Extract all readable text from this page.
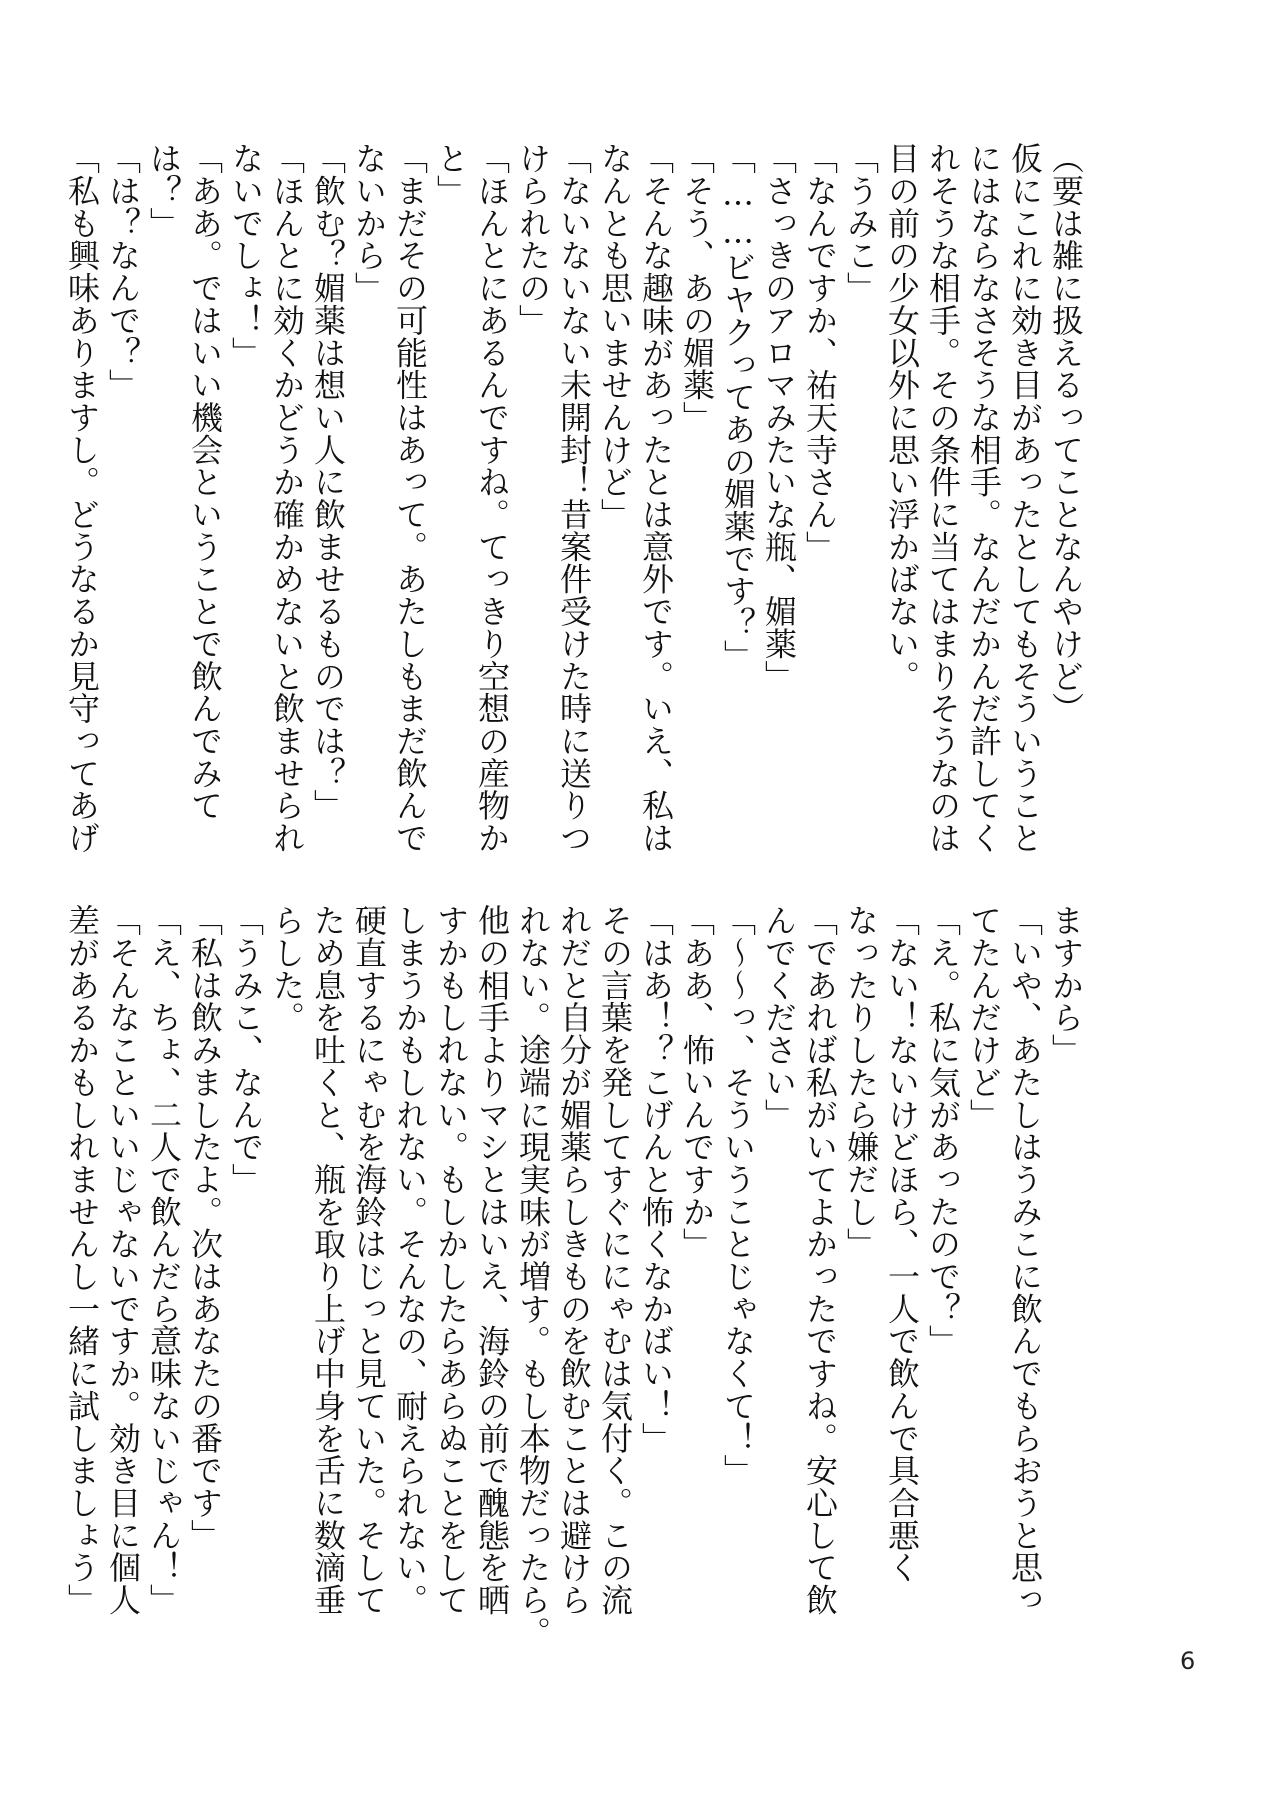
（要は雑に扱えるってことなんやけど）
仮にこれに効き目があったとしてもそういうこと
にはならなさそうな相手。なんだかんだ許してく
れそうな相手。その条件に当てはまりそうなのは
目の前の少女以外に思い浮かばない。
「うみこ」
「なんですか、祐天寺さん」
「さっきのアロマみたいな瓶、媚薬」
「……ビヤクってあの媚薬です？」
「そう、あの媚薬」
「そんな趣味があったとは意外です。いえ、私は
なんとも思いませんけど」
「ないないない未開封！昔案件受けた時に送りつ
けられたの」
「ほんとにあるんですね。てっきり空想の産物か
と」
「まだその可能性はあって。あたしもまだ飲んで
ないから」
「飲む？媚薬は想い人に飲ませるものでは？」
「ほんとに効くかどうか確かめないと飲ませられ
ないでしょ！」
「ああ。ではいい機会ということで飲んでみて
は？」
「は？なんで？」
「私も興味ありますし。どうなるか見守ってあげ
ますから」
「いや、あたしはうみこに飲んでもらおうと思っ
てたんだけど」
「え。私に気があったので？」
「ない！ないけどほら、一人で飲んで具合悪く
なったりしたら嫌だし」
「であれば私がいてよかったですね。安心して飲
んでください」
「～～っ、そういうことじゃなくて！」
「ああ、怖いんですか」
「はあ！？こげんと怖くなかばい！」
その言葉を発してすぐににゃむは気付く。この流
れだと自分が媚薬らしきものを飲むことは避けら
れない。途端に現実味が増す。もし本物だったら。
他の相手よりマシとはいえ、海鈴の前で醜態を晒
すかもしれない。もしかしたらあらぬことをして
しまうかもしれない。そんなの、耐えられない。
硬直するにゃむを海鈴はじっと見ていた。そして
ため息を吐くと、瓶を取り上げ中身を舌に数滴垂
らした。
「うみこ、なんで」
「私は飲みましたよ。次はあなたの番です」
「え、ちょ、二人で飲んだら意味ないじゃん！」
「そんなこといいじゃないですか。効き目に個人
差があるかもしれませんし一緒に試しましょう」
6
